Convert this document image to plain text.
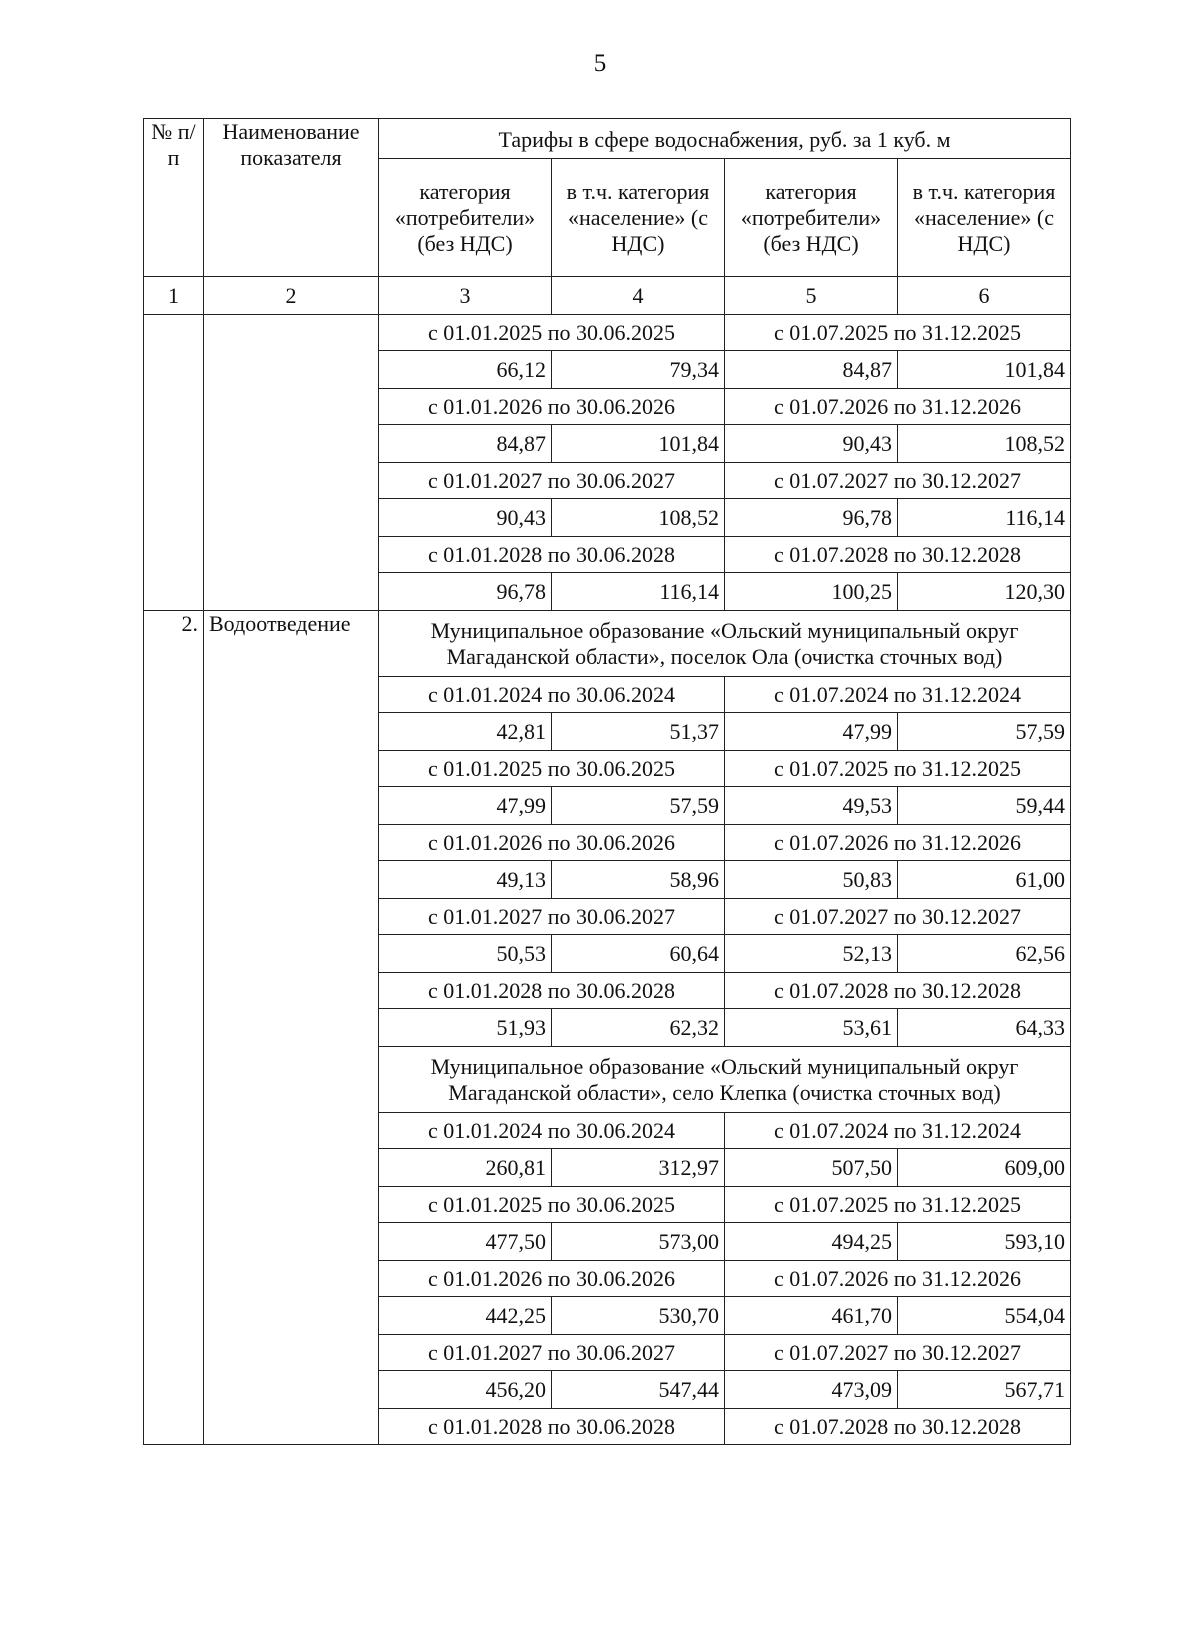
5
№ п/п	Наименование показателя	Тарифы в сфере водоснабжения, руб. за 1 куб. м			
		категория «потребители» (без НДС)	в т.ч. категория «население» (с НДС)	категория «потребители» (без НДС)	в т.ч. категория «население» (с НДС)
1	2	3	4	5	6
		с 01.01.2025 по 30.06.2025		с 01.07.2025 по 31.12.2025	
		66,12	79,34	84,87	101,84
		с 01.01.2026 по 30.06.2026		с 01.07.2026 по 31.12.2026	
		84,87	101,84	90,43	108,52
		с 01.01.2027 по 30.06.2027		с 01.07.2027 по 30.12.2027	
		90,43	108,52	96,78	116,14
		с 01.01.2028 по 30.06.2028		с 01.07.2028 по 30.12.2028	
		96,78	116,14	100,25	120,30
2.	Водоотведение	Муниципальное образование «Ольский муниципальный округ Магаданской области», поселок Ола (очистка сточных вод)			
		с 01.01.2024 по 30.06.2024		с 01.07.2024 по 31.12.2024	
		42,81	51,37	47,99	57,59
		с 01.01.2025 по 30.06.2025		с 01.07.2025 по 31.12.2025	
		47,99	57,59	49,53	59,44
		с 01.01.2026 по 30.06.2026		с 01.07.2026 по 31.12.2026	
		49,13	58,96	50,83	61,00
		с 01.01.2027 по 30.06.2027		с 01.07.2027 по 30.12.2027	
		50,53	60,64	52,13	62,56
		с 01.01.2028 по 30.06.2028		с 01.07.2028 по 30.12.2028	
		51,93	62,32	53,61	64,33
		Муниципальное образование «Ольский муниципальный округ Магаданской области», село Клепка (очистка сточных вод)			
		с 01.01.2024 по 30.06.2024		с 01.07.2024 по 31.12.2024	
		260,81	312,97	507,50	609,00
		с 01.01.2025 по 30.06.2025		с 01.07.2025 по 31.12.2025	
		477,50	573,00	494,25	593,10
		с 01.01.2026 по 30.06.2026		с 01.07.2026 по 31.12.2026	
		442,25	530,70	461,70	554,04
		с 01.01.2027 по 30.06.2027		с 01.07.2027 по 30.12.2027	
		456,20	547,44	473,09	567,71
		с 01.01.2028 по 30.06.2028		с 01.07.2028 по 30.12.2028	
